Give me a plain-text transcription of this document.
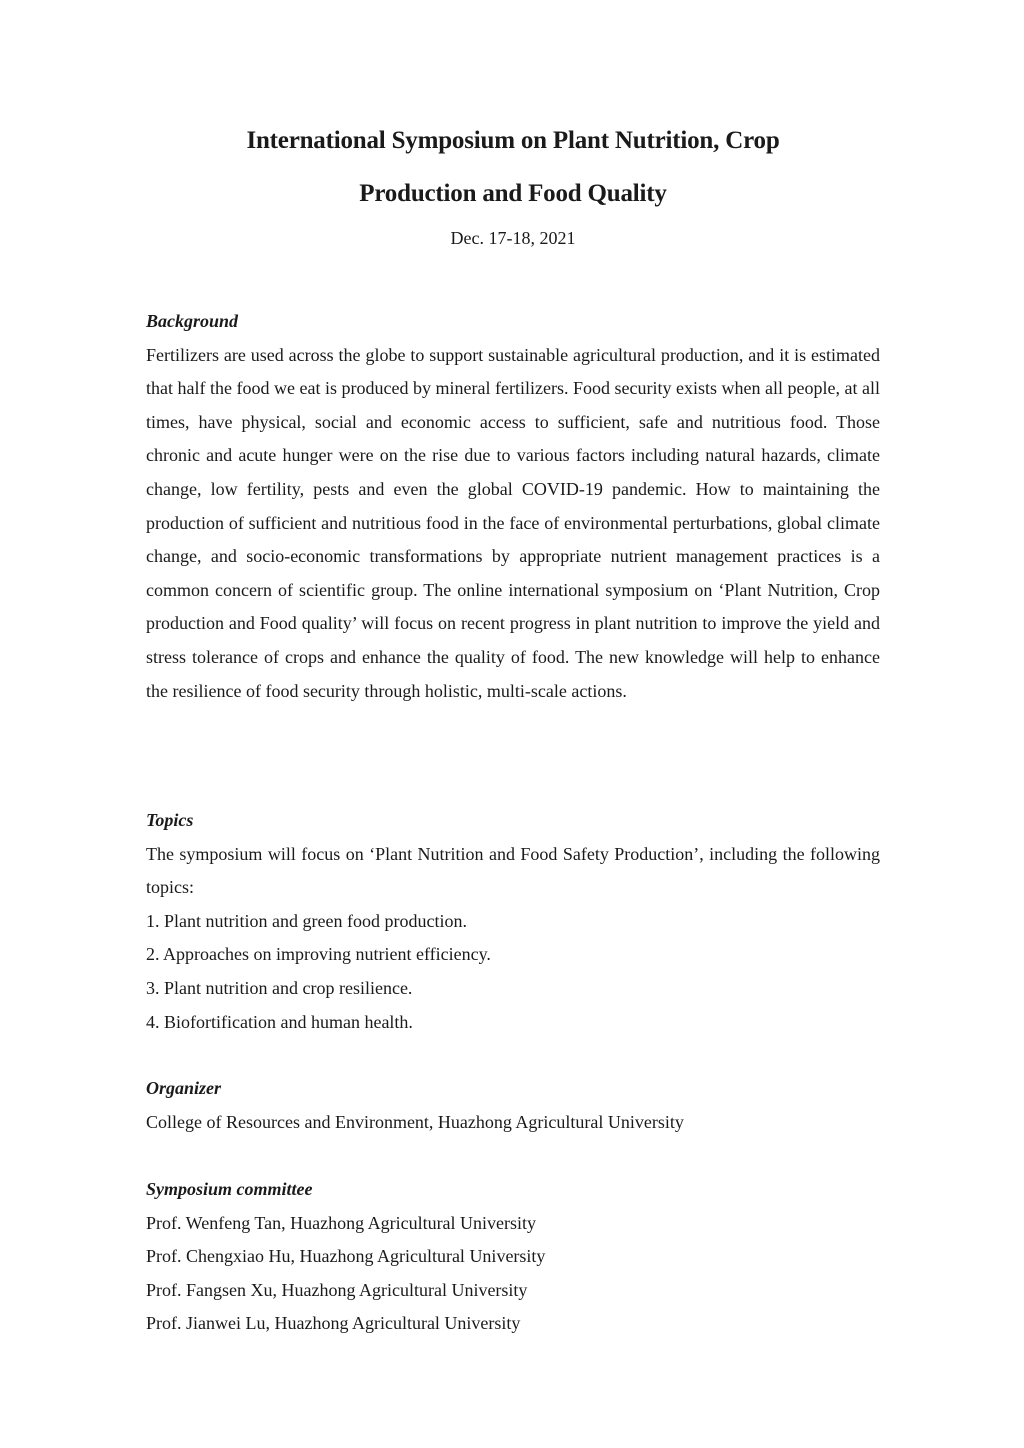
International Symposium on Plant Nutrition, Crop
Production and Food Quality
Dec. 17-18, 2021
Background

Fertilizers are used across the globe to support sustainable agricultural production, and it is estimated that half the food we eat is produced by mineral fertilizers. Food security exists when all people, at all times, have physical, social and economic access to sufficient, safe and nutritious food. Those chronic and acute hunger were on the rise due to various factors including natural hazards, climate change, low fertility, pests and even the global COVID-19 pandemic. How to maintaining the production of sufficient and nutritious food in the face of environmental perturbations, global climate change, and socio-economic transformations by appropriate nutrient management practices is a common concern of scientific group. The online international symposium on ‘Plant Nutrition, Crop production and Food quality’ will focus on recent progress in plant nutrition to improve the yield and stress tolerance of crops and enhance the quality of food. The new knowledge will help to enhance the resilience of food security through holistic, multi-scale actions.

Topics

The symposium will focus on ‘Plant Nutrition and Food Safety Production’, including the following topics:

1. Plant nutrition and green food production.
2. Approaches on improving nutrient efficiency.
3. Plant nutrition and crop resilience.
4. Biofortification and human health.
Organizer
College of Resources and Environment, Huazhong Agricultural University
Symposium committee
Prof. Wenfeng Tan, Huazhong Agricultural University
Prof. Chengxiao Hu, Huazhong Agricultural University
Prof. Fangsen Xu, Huazhong Agricultural University
Prof. Jianwei Lu, Huazhong Agricultural University
